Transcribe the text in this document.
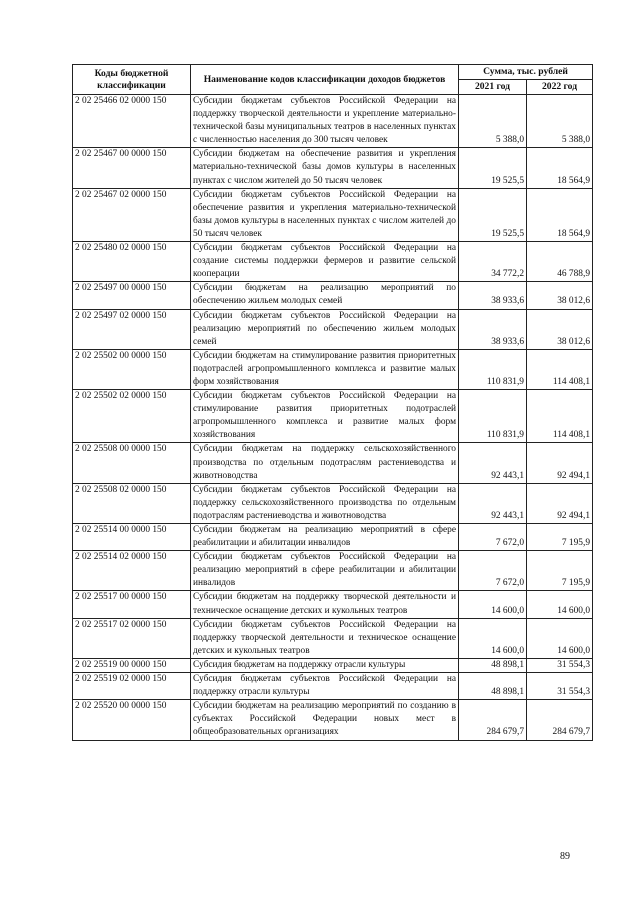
Коды бюджетной классификации	Наименование кодов классификации доходов бюджетов	Сумма, тыс. рублей	
		2021 год	2022 год
2 02 25466 02 0000 150	Субсидии бюджетам субъектов Российской Федерации на поддержку творческой деятельности и укрепление материально-технической базы муниципальных театров в населенных пунктах с численностью населения до 300 тысяч человек	5 388,0	5 388,0
2 02 25467 00 0000 150	Субсидии бюджетам на обеспечение развития и укрепления материально-технической базы домов культуры в населенных пунктах с числом жителей до 50 тысяч человек	19 525,5	18 564,9
2 02 25467 02 0000 150	Субсидии бюджетам субъектов Российской Федерации на обеспечение развития и укрепления материально-технической базы домов культуры в населенных пунктах с числом жителей до 50 тысяч человек	19 525,5	18 564,9
2 02 25480 02 0000 150	Субсидии бюджетам субъектов Российской Федерации на создание системы поддержки фермеров и развитие сельской кооперации	34 772,2	46 788,9
2 02 25497 00 0000 150	Субсидии бюджетам на реализацию мероприятий по обеспечению жильем молодых семей	38 933,6	38 012,6
2 02 25497 02 0000 150	Субсидии бюджетам субъектов Российской Федерации на реализацию мероприятий по обеспечению жильем молодых семей	38 933,6	38 012,6
2 02 25502 00 0000 150	Субсидии бюджетам на стимулирование развития приоритетных подотраслей агропромышленного комплекса и развитие малых форм хозяйствования	110 831,9	114 408,1
2 02 25502 02 0000 150	Субсидии бюджетам субъектов Российской Федерации на стимулирование развития приоритетных подотраслей агропромышленного комплекса и развитие малых форм хозяйствования	110 831,9	114 408,1
2 02 25508 00 0000 150	Субсидии бюджетам на поддержку сельскохозяйственного производства по отдельным подотраслям растениеводства и животноводства	92 443,1	92 494,1
2 02 25508 02 0000 150	Субсидии бюджетам субъектов Российской Федерации на поддержку сельскохозяйственного производства по отдельным подотраслям растениеводства и животноводства	92 443,1	92 494,1
2 02 25514 00 0000 150	Субсидии бюджетам на реализацию мероприятий в сфере реабилитации и абилитации инвалидов	7 672,0	7 195,9
2 02 25514 02 0000 150	Субсидии бюджетам субъектов Российской Федерации на реализацию мероприятий в сфере реабилитации и абилитации инвалидов	7 672,0	7 195,9
2 02 25517 00 0000 150	Субсидии бюджетам на поддержку творческой деятельности и техническое оснащение детских и кукольных театров	14 600,0	14 600,0
2 02 25517 02 0000 150	Субсидии бюджетам субъектов Российской Федерации на поддержку творческой деятельности и техническое оснащение детских и кукольных театров	14 600,0	14 600,0
2 02 25519 00 0000 150	Субсидия бюджетам на поддержку отрасли культуры	48 898,1	31 554,3
2 02 25519 02 0000 150	Субсидия бюджетам субъектов Российской Федерации на поддержку отрасли культуры	48 898,1	31 554,3
2 02 25520 00 0000 150	Субсидии бюджетам на реализацию мероприятий по созданию в субъектах Российской Федерации новых мест в общеобразовательных организациях	284 679,7	284 679,7
89
